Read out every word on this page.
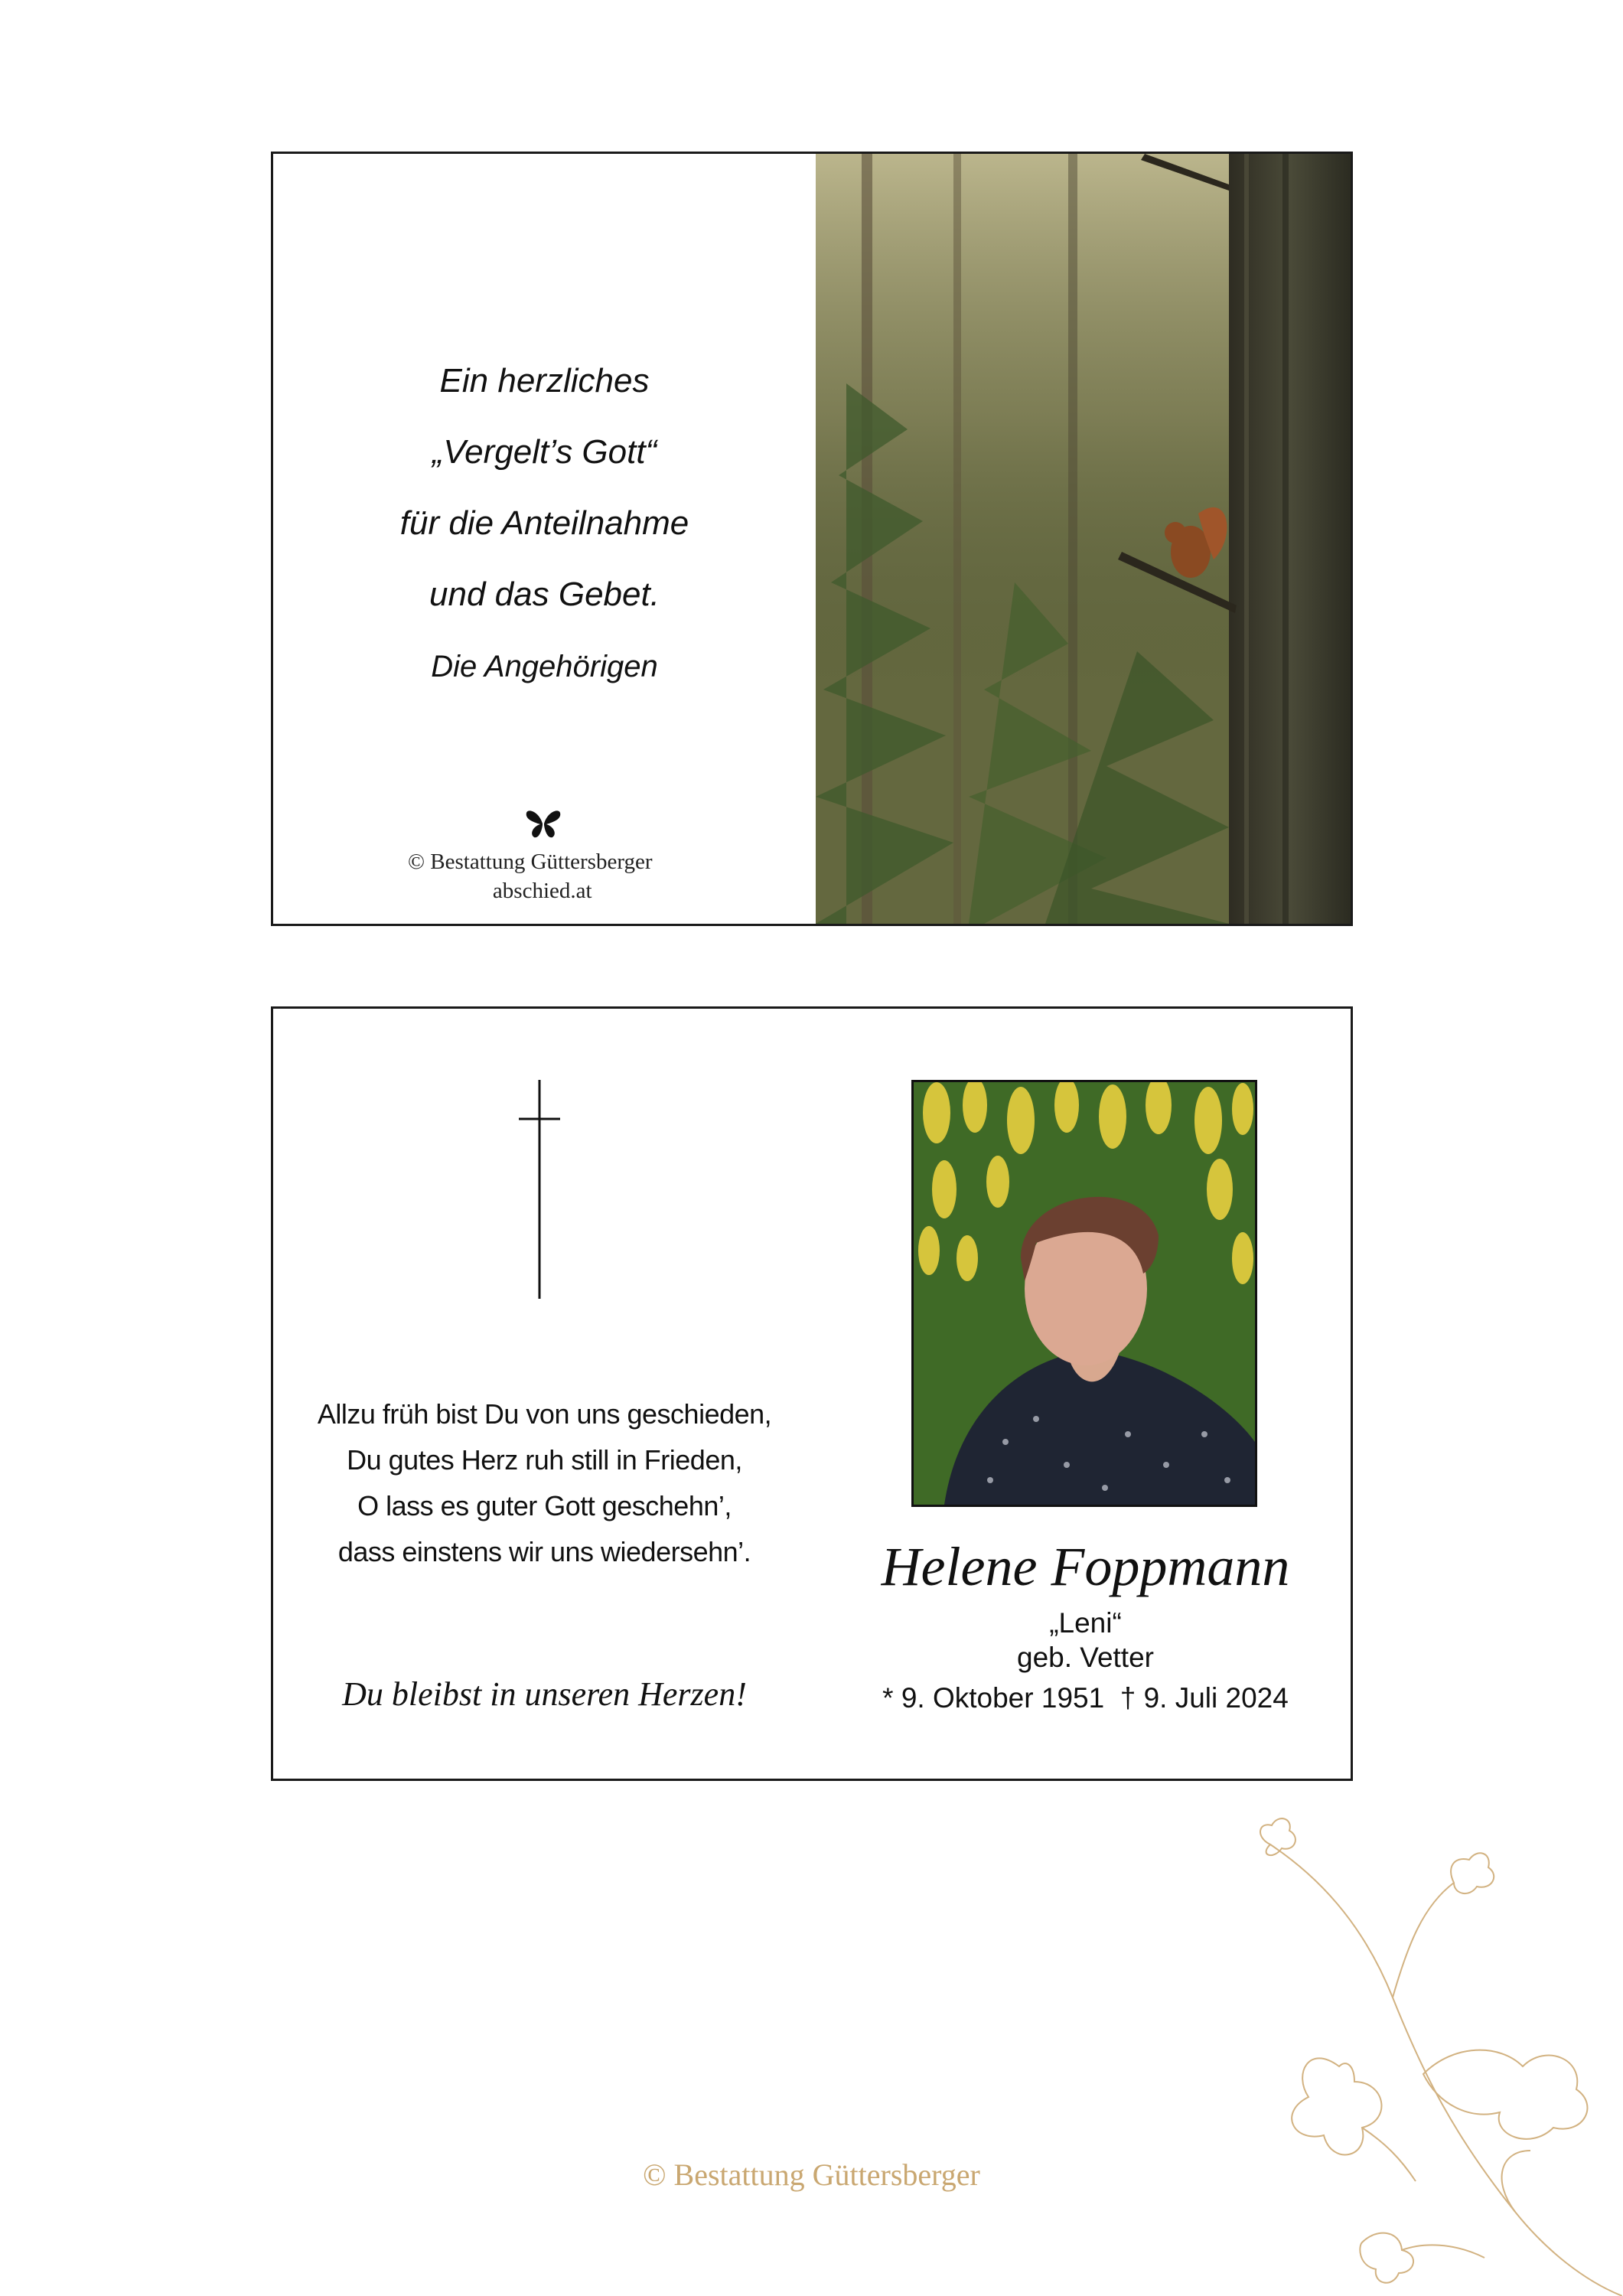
Ein herzliches
„Vergelt’s Gott“
für die Anteilnahme
und das Gebet.
Die Angehörigen
© Bestattung Güttersberger
abschied.at
Allzu früh bist Du von uns geschieden,
Du gutes Herz ruh still in Frieden,
O lass es guter Gott geschehn’,
dass einstens wir uns wiedersehn’.
Du bleibst in unseren Herzen!
Helene Foppmann
„Leni“
geb. Vetter
* 9. Oktober 1951  † 9. Juli 2024
© Bestattung Güttersberger
